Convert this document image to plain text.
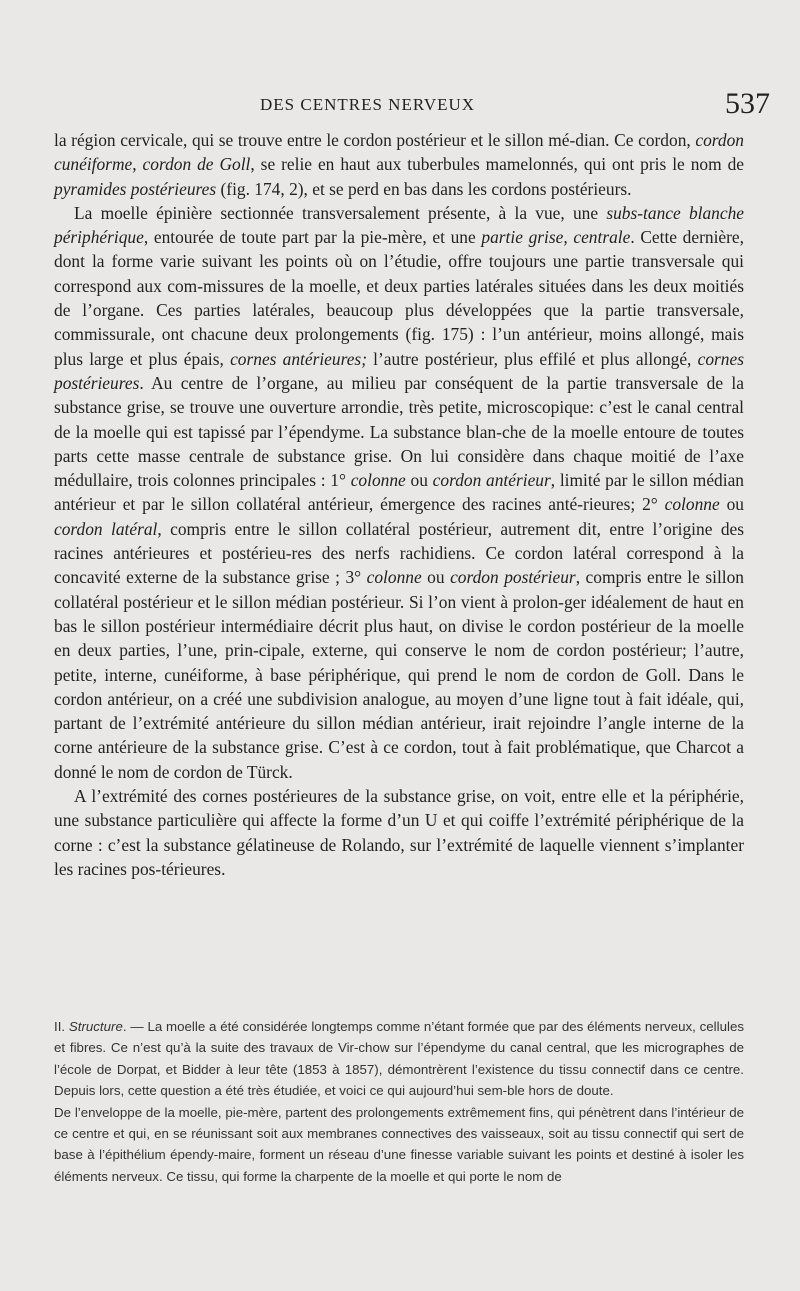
DES CENTRES NERVEUX	537

la région cervicale, qui se trouve entre le cordon postérieur et le sillon mé-dian. Ce cordon, cordon cunéiforme, cordon de Goll, se relie en haut aux tuberbules mamelonnés, qui ont pris le nom de pyramides postérieures (fig. 174, 2), et se perd en bas dans les cordons postérieurs.

La moelle épinière sectionnée transversalement présente, à la vue, une subs-tance blanche périphérique, entourée de toute part par la pie-mère, et une partie grise, centrale. Cette dernière, dont la forme varie suivant les points où on l’étudie, offre toujours une partie transversale qui correspond aux com-missures de la moelle, et deux parties latérales situées dans les deux moitiés de l’organe. Ces parties latérales, beaucoup plus développées que la partie transversale, commissurale, ont chacune deux prolongements (fig. 175) : l’un antérieur, moins allongé, mais plus large et plus épais, cornes antérieures; l’autre postérieur, plus effilé et plus allongé, cornes postérieures. Au centre de l’organe, au milieu par conséquent de la partie transversale de la substance grise, se trouve une ouverture arrondie, très petite, microscopique: c’est le canal central de la moelle qui est tapissé par l’épendyme. La substance blan-che de la moelle entoure de toutes parts cette masse centrale de substance grise. On lui considère dans chaque moitié de l’axe médullaire, trois colonnes principales : 1° colonne ou cordon antérieur, limité par le sillon médian antérieur et par le sillon collatéral antérieur, émergence des racines anté-rieures; 2° colonne ou cordon latéral, compris entre le sillon collatéral postérieur, autrement dit, entre l’origine des racines antérieures et postérieu-res des nerfs rachidiens. Ce cordon latéral correspond à la concavité externe de la substance grise ; 3° colonne ou cordon postérieur, compris entre le sillon collatéral postérieur et le sillon médian postérieur. Si l’on vient à prolon-ger idéalement de haut en bas le sillon postérieur intermédiaire décrit plus haut, on divise le cordon postérieur de la moelle en deux parties, l’une, prin-cipale, externe, qui conserve le nom de cordon postérieur; l’autre, petite, interne, cunéiforme, à base périphérique, qui prend le nom de cordon de Goll. Dans le cordon antérieur, on a créé une subdivision analogue, au moyen d’une ligne tout à fait idéale, qui, partant de l’extrémité antérieure du sillon médian antérieur, irait rejoindre l’angle interne de la corne antérieure de la substance grise. C’est à ce cordon, tout à fait problématique, que Charcot a donné le nom de cordon de Türck.

A l’extrémité des cornes postérieures de la substance grise, on voit, entre elle et la périphérie, une substance particulière qui affecte la forme d’un U et qui coiffe l’extrémité périphérique de la corne : c’est la substance gélatineuse de Rolando, sur l’extrémité de laquelle viennent s’implanter les racines pos-térieures.

II. Structure. — La moelle a été considérée longtemps comme n’étant formée que par des éléments nerveux, cellules et fibres. Ce n’est qu’à la suite des travaux de Vir-chow sur l’épendyme du canal central, que les micrographes de l’école de Dorpat, et Bidder à leur tête (1853 à 1857), démontrèrent l’existence du tissu connectif dans ce centre. Depuis lors, cette question a été très étudiée, et voici ce qui aujourd’hui sem-ble hors de doute.

De l’enveloppe de la moelle, pie-mère, partent des prolongements extrêmement fins, qui pénètrent dans l’intérieur de ce centre et qui, en se réunissant soit aux membranes connectives des vaisseaux, soit au tissu connectif qui sert de base à l’épithélium épendy-maire, forment un réseau d’une finesse variable suivant les points et destiné à isoler les éléments nerveux. Ce tissu, qui forme la charpente de la moelle et qui porte le nom de
